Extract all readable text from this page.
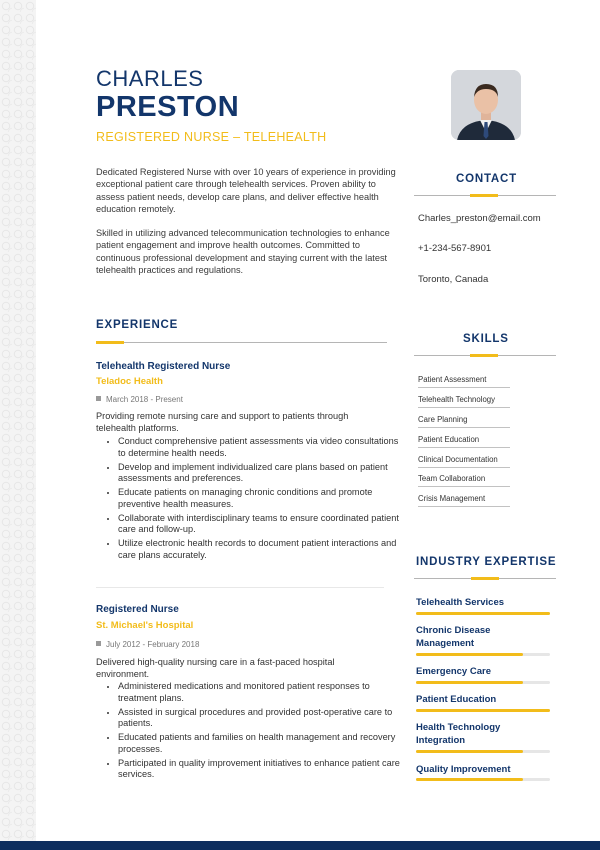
CHARLES
PRESTON
REGISTERED NURSE – TELEHEALTH

Dedicated Registered Nurse with over 10 years of experience in providing exceptional patient care through telehealth services. Proven ability to assess patient needs, develop care plans, and deliver effective health education remotely.

Skilled in utilizing advanced telecommunication technologies to enhance patient engagement and improve health outcomes. Committed to continuous professional development and staying current with the latest telehealth practices and regulations.

CONTACT
Charles_preston@email.com
+1-234-567-8901
Toronto, Canada
EXPERIENCE
Telehealth Registered Nurse
Teladoc Health
March 2018 - Present
Providing remote nursing care and support to patients through telehealth platforms.
• Conduct comprehensive patient assessments via video consultations to determine health needs.
• Develop and implement individualized care plans based on patient assessments and preferences.
• Educate patients on managing chronic conditions and promote preventive health measures.
• Collaborate with interdisciplinary teams to ensure coordinated patient care and follow-up.
• Utilize electronic health records to document patient interactions and care plans accurately.
Registered Nurse
St. Michael's Hospital
July 2012 - February 2018
Delivered high-quality nursing care in a fast-paced hospital environment.
• Administered medications and monitored patient responses to treatment plans.
• Assisted in surgical procedures and provided post-operative care to patients.
• Educated patients and families on health management and recovery processes.
• Participated in quality improvement initiatives to enhance patient care services.
SKILLS
Patient Assessment
Telehealth Technology
Care Planning
Patient Education
Clinical Documentation
Team Collaboration
Crisis Management
INDUSTRY EXPERTISE
Telehealth Services
Chronic Disease Management
Emergency Care
Patient Education
Health Technology Integration
Quality Improvement
